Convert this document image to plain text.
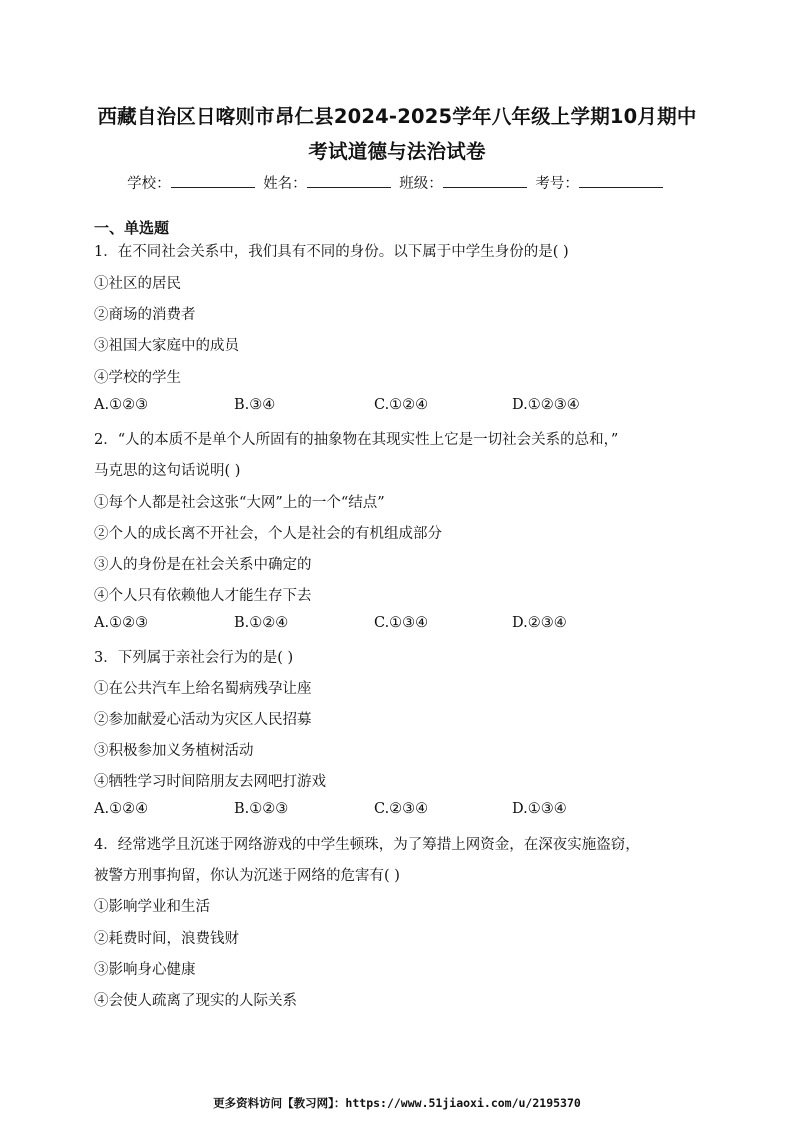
西藏自治区日喀则市昂仁县2024-2025学年八年级上学期10月期中
考试道德与法治试卷
学校：	姓名：	班级：	考号：
一、单选题
1．在不同社会关系中，我们具有不同的身份。以下属于中学生身份的是( )
①社区的居民
②商场的消费者
③祖国大家庭中的成员
④学校的学生
A.①②③	B.③④	C.①②④	D.①②③④
2．“人的本质不是单个人所固有的抽象物在其现实性上它是一切社会关系的总和，”
马克思的这句话说明( )
①每个人都是社会这张“大网”上的一个“结点”
②个人的成长离不开社会，个人是社会的有机组成部分
③人的身份是在社会关系中确定的
④个人只有依赖他人才能生存下去
A.①②③	B.①②④	C.①③④	D.②③④
3．下列属于亲社会行为的是( )
①在公共汽车上给名蜀病残孕让座
②参加献爱心活动为灾区人民招募
③积极参加义务植树活动
④牺牲学习时间陪朋友去网吧打游戏
A.①②④	B.①②③	C.②③④	D.①③④
4．经常逃学且沉迷于网络游戏的中学生顿珠，为了筹措上网资金，在深夜实施盗窃，
被警方刑事拘留，你认为沉迷于网络的危害有( )
①影响学业和生活
②耗费时间，浪费钱财
③影响身心健康
④会使人疏离了现实的人际关系
更多资料访问【教习网】：https://www.51jiaoxi.com/u/2195370
